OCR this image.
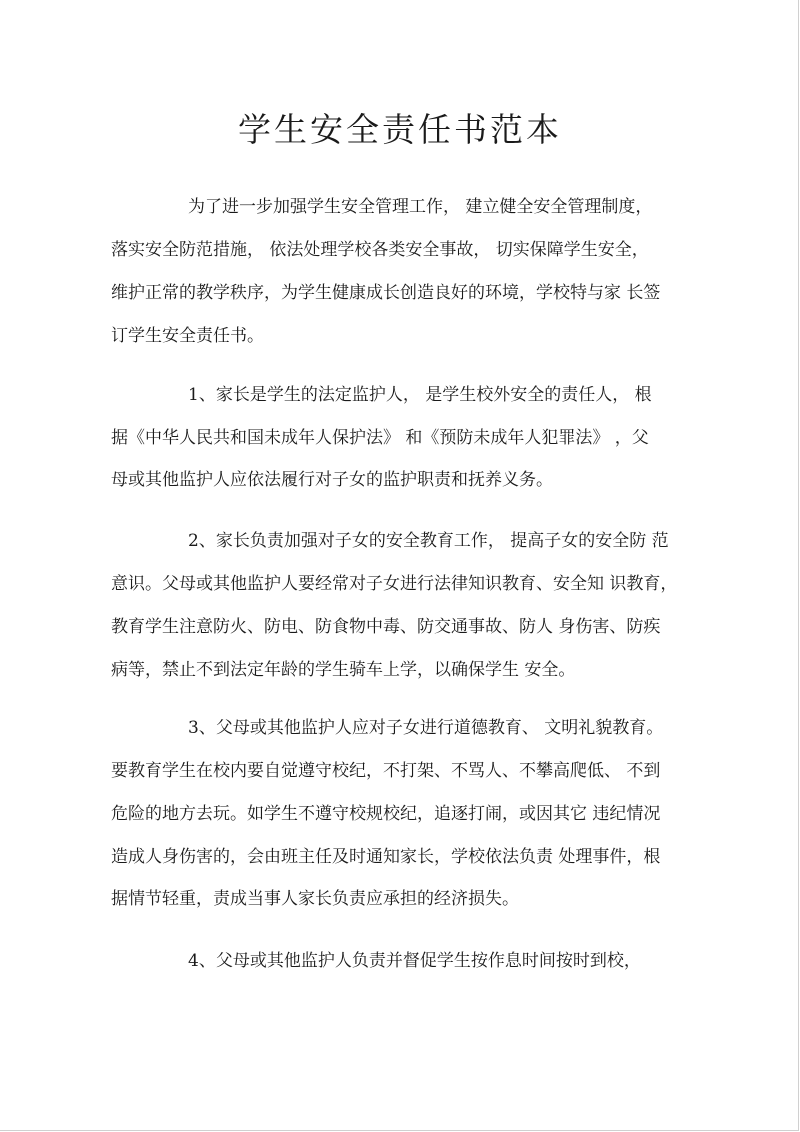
学生安全责任书范本

为了进一步加强学生安全管理工作， 建立健全安全管理制度，

落实安全防范措施， 依法处理学校各类安全事故， 切实保障学生安全，

维护正常的教学秩序，为学生健康成长创造良好的环境，学校特与家 长签

订学生安全责任书。

1、家长是学生的法定监护人， 是学生校外安全的责任人， 根

据《中华人民共和国未成年人保护法》 和《预防未成年人犯罪法》 ，父

母或其他监护人应依法履行对子女的监护职责和抚养义务。

2、家长负责加强对子女的安全教育工作， 提高子女的安全防 范

意识。父母或其他监护人要经常对子女进行法律知识教育、安全知 识教育，

教育学生注意防火、防电、防食物中毒、防交通事故、防人 身伤害、防疾

病等，禁止不到法定年龄的学生骑车上学，以确保学生 安全。

3、父母或其他监护人应对子女进行道德教育、 文明礼貌教育。

要教育学生在校内要自觉遵守校纪，不打架、不骂人、不攀高爬低、 不到

危险的地方去玩。如学生不遵守校规校纪，追逐打闹，或因其它 违纪情况

造成人身伤害的，会由班主任及时通知家长，学校依法负责 处理事件，根

据情节轻重，责成当事人家长负责应承担的经济损失。

4、父母或其他监护人负责并督促学生按作息时间按时到校，
